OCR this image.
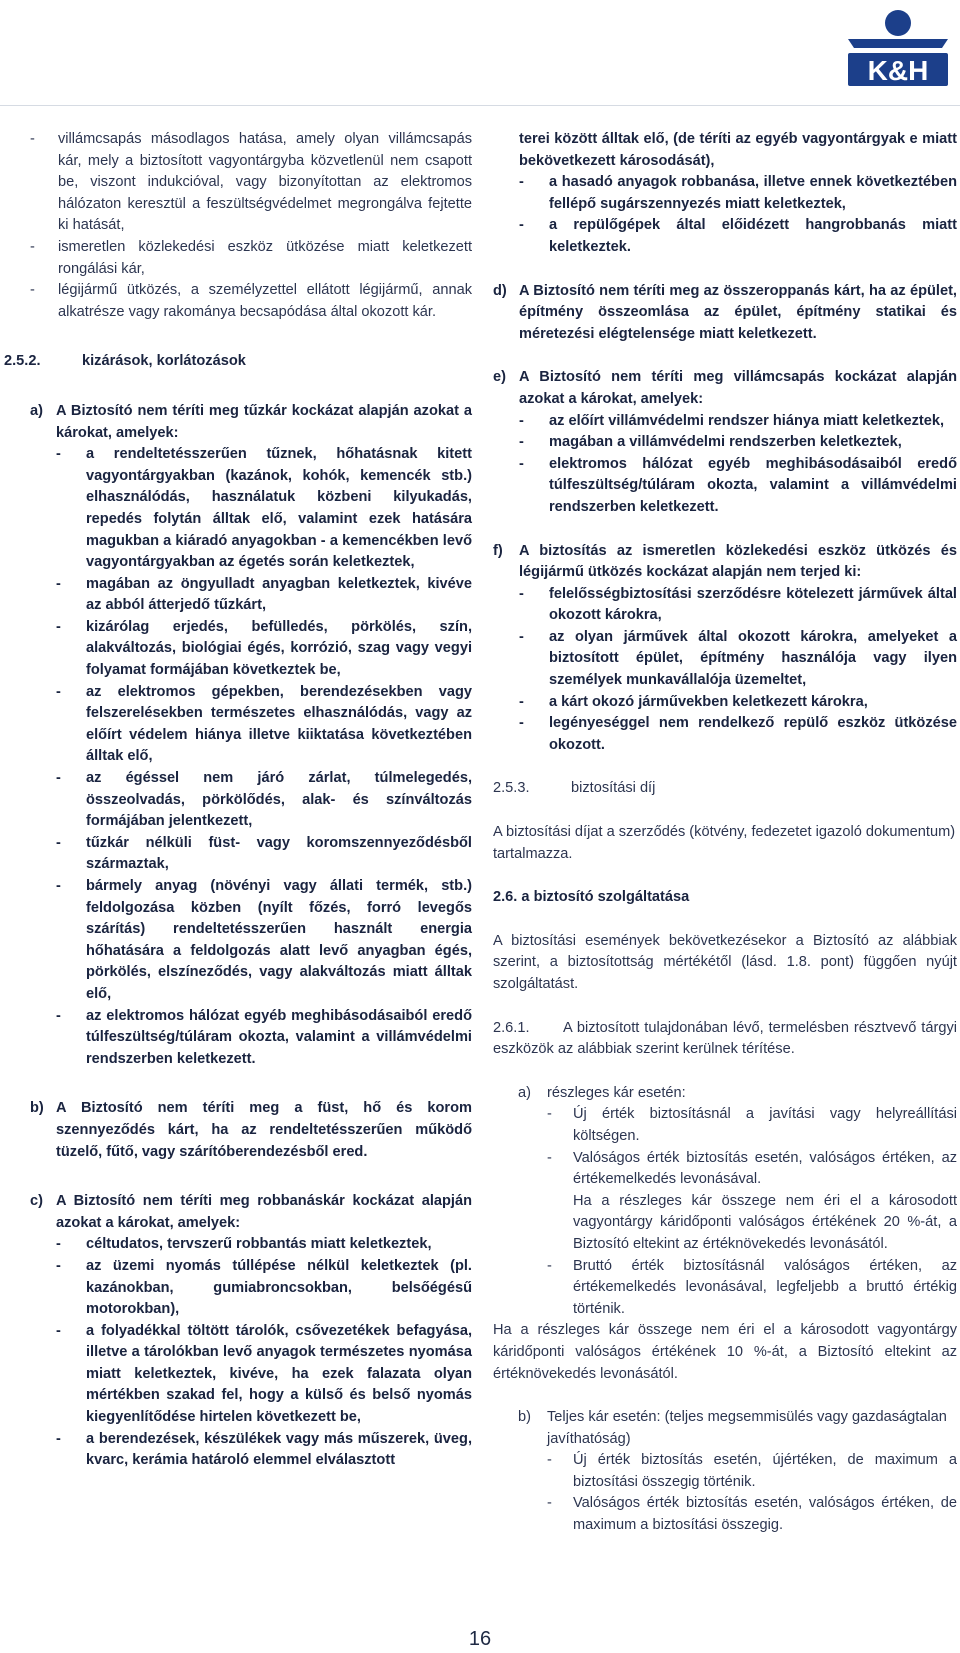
K&H

- villámcsapás másodlagos hatása, amely olyan villámcsapás kár, mely a biztosított vagyontárgyba közvetlenül nem csapott be, viszont indukcióval, vagy bizonyítottan az elektromos hálózaton keresztül a feszültségvédelmet megrongálva fejtette ki hatását,

- ismeretlen közlekedési eszköz ütközése miatt keletkezett rongálási kár,

- légijármű ütközés, a személyzettel ellátott légijármű, annak alkatrésze vagy rakománya becsapódása által okozott kár.

2.5.2.	kizárások, korlátozások
a) A Biztosító nem téríti meg tűzkár kockázat alapján azokat a károkat, amelyek:

- a rendeltetésszerűen tűznek, hőhatásnak kitett vagyontárgyakban (kazánok, kohók, kemencék stb.) elhasználódás, használatuk közbeni kilyukadás, repedés folytán álltak elő, valamint ezek hatására magukban a kiáradó anyagokban - a kemencékben levő vagyontárgyakban az égetés során keletkeztek,

- magában az öngyulladt anyagban keletkeztek, kivéve az abból átterjedő tűzkárt,

- kizárólag erjedés, befülledés, pörkölés, szín, alakváltozás, biológiai égés, korrózió, szag vagy vegyi folyamat formájában következtek be,

- az elektromos gépekben, berendezésekben vagy felszerelésekben természetes elhasználódás, vagy az előírt védelem hiánya illetve kiiktatása következtében álltak elő,

- az égéssel nem járó zárlat, túlmelegedés, összeolvadás, pörkölődés, alak- és színváltozás formájában jelentkezett,

- tűzkár nélküli füst- vagy koromszennyeződésből származtak,

- bármely anyag (növényi vagy állati termék, stb.) feldolgozása közben (nyílt főzés, forró levegős szárítás) rendeltetésszerűen használt energia hőhatására a feldolgozás alatt levő anyagban égés, pörkölés, elszíneződés, vagy alakváltozás miatt álltak elő,

- az elektromos hálózat egyéb meghibásodásaiból eredő túlfeszültség/túláram okozta, valamint a villámvédelmi rendszerben keletkezett.

b) A Biztosító nem téríti meg a füst, hő és korom szennyeződés kárt, ha az rendeltetésszerűen működő tüzelő, fűtő, vagy szárítóberendezésből ered.

c) A Biztosító nem téríti meg robbanáskár kockázat alapján azokat a károkat, amelyek:

- céltudatos, tervszerű robbantás miatt keletkeztek,

- az üzemi nyomás túllépése nélkül keletkeztek (pl. kazánokban, gumiabroncsokban, belsőégésű motorokban),

- a folyadékkal töltött tárolók, csővezetékek befagyása, illetve a tárolókban levő anyagok természetes nyomása miatt keletkeztek, kivéve, ha ezek falazata olyan mértékben szakad fel, hogy a külső és belső nyomás kiegyenlítődése hirtelen következett be,

- a berendezések, készülékek vagy más műszerek, üveg, kvarc, kerámia határoló elemmel elválasztott

terei között álltak elő, (de téríti az egyéb vagyontárgyak e miatt bekövetkezett károsodását),

- a hasadó anyagok robbanása, illetve ennek következtében fellépő sugárszennyezés miatt keletkeztek,

- a repülőgépek által előidézett hangrobbanás miatt keletkeztek.

d) A Biztosító nem téríti meg az összeroppanás kárt, ha az épület, építmény összeomlása az épület, építmény statikai és méretezési elégtelensége miatt keletkezett.

e) A Biztosító nem téríti meg villámcsapás kockázat alapján azokat a károkat, amelyek:

- az előírt villámvédelmi rendszer hiánya miatt keletkeztek,

- magában a villámvédelmi rendszerben keletkeztek,

- elektromos hálózat egyéb meghibásodásaiból eredő túlfeszültség/túláram okozta, valamint a villámvédelmi rendszerben keletkezett.

f) A biztosítás az ismeretlen közlekedési eszköz ütközés és légijármű ütközés kockázat alapján nem terjed ki:

- felelősségbiztosítási szerződésre kötelezett járművek által okozott károkra,

- az olyan járművek által okozott károkra, amelyeket a biztosított épület, építmény használója vagy ilyen személyek munkavállalója üzemeltet,

- a kárt okozó járművekben keletkezett károkra,

- legényeséggel nem rendelkező repülő eszköz ütközése okozott.

2.5.3.	biztosítási díj

A biztosítási díjat a szerződés (kötvény, fedezetet igazoló dokumentum) tartalmazza.

2.6. a biztosító szolgáltatása

A biztosítási események bekövetkezésekor a Biztosító az alábbiak szerint, a biztosítottság mértékétől (lásd. 1.8. pont) függően nyújt szolgáltatást.

2.6.1. A biztosított tulajdonában lévő, termelésben résztvevő tárgyi eszközök az alábbiak szerint kerülnek térítése.

a) részleges kár esetén:

- Új érték biztosításnál a javítási vagy helyreállítási költségen.

- Valóságos érték biztosítás esetén, valóságos értéken, az értékemelkedés levonásával.

Ha a részleges kár összege nem éri el a károsodott vagyontárgy káridőponti valóságos értékének 20 %-át, a Biztosító eltekint az értéknövekedés levonásától.

- Bruttó érték biztosításnál valóságos értéken, az értékemelkedés levonásával, legfeljebb a bruttó értékig történik.

Ha a részleges kár összege nem éri el a károsodott vagyontárgy káridőponti valóságos értékének 10 %-át, a Biztosító eltekint az értéknövekedés levonásától.

b) Teljes kár esetén: (teljes megsemmisülés vagy gazdaságtalan javíthatóság)

- Új érték biztosítás esetén, újértéken, de maximum a biztosítási összegig történik.

- Valóságos érték biztosítás esetén, valóságos értéken, de maximum a biztosítási összegig.

16
